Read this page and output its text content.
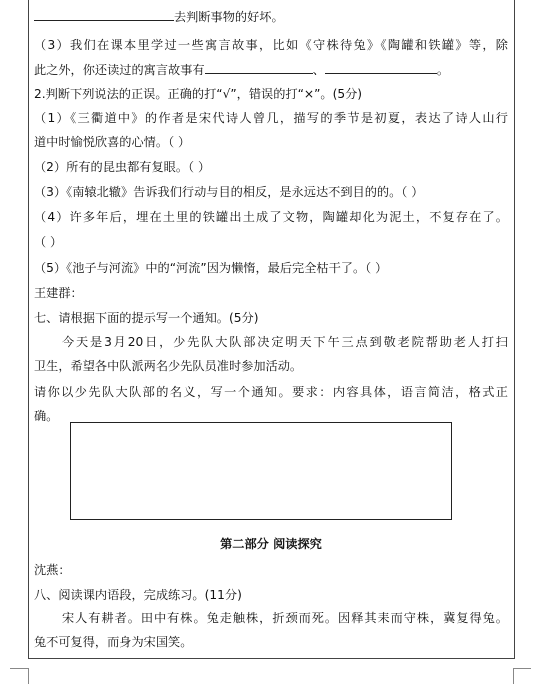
去判断事物的好坏。
（3）我们在课本里学过一些寓言故事，比如《守株待兔》《陶罐和铁罐》等，除
此之外，你还读过的寓言故事有	、	。
2.判断下列说法的正误。正确的打“√”，错误的打“×”。(5分)
（1）《三衢道中》的作者是宋代诗人曾几，描写的季节是初夏，表达了诗人山行
道中时愉悦欣喜的心情。（ ）
（2）所有的昆虫都有复眼。（ ）
（3）《南辕北辙》告诉我们行动与目的相反，是永远达不到目的的。（ ）
（4）许多年后，埋在土里的铁罐出土成了文物，陶罐却化为泥土，不复存在了。
（ ）
（5）《池子与河流》中的“河流”因为懒惰，最后完全枯干了。（ ）
王建群：
七、请根据下面的提示写一个通知。(5分)
今天是3月20日，少先队大队部决定明天下午三点到敬老院帮助老人打扫
卫生，希望各中队派两名少先队员准时参加活动。
请你以少先队大队部的名义，写一个通知。要求：内容具体，语言简洁，格式正
确。
第二部分 阅读探究
沈燕：
八、阅读课内语段，完成练习。(11分)
宋人有耕者。田中有株。兔走触株，折颈而死。因释其耒而守株，冀复得兔。
兔不可复得，而身为宋国笑。
